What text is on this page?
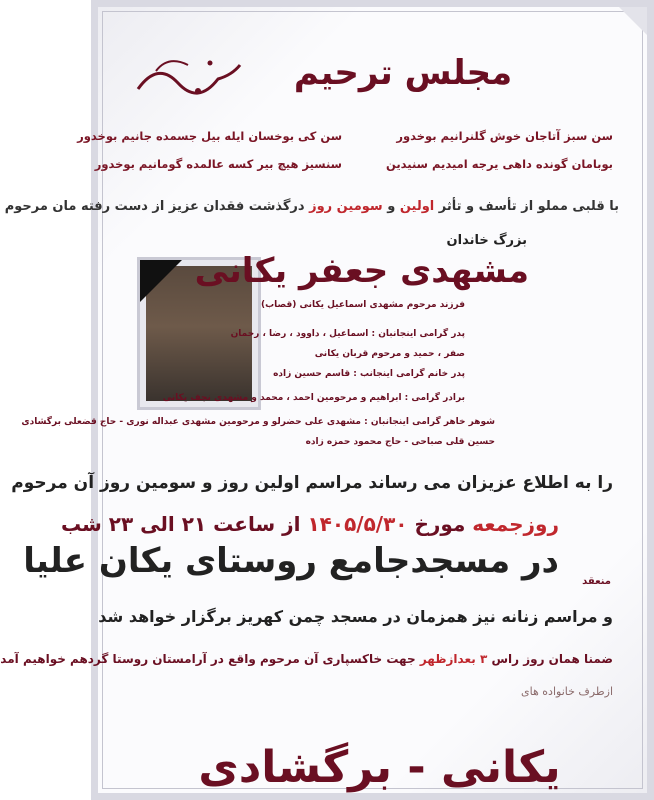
مجلس ترحیم
سن سبز آتاجان خوش گلنرانیم بوخدور
سن کی بوخسان ایله بیل جسمده جانیم بوخدور
بوبامان گونده داهی یرجه امیدیم سنیدین
سنسیز هیچ بیر کسه عالمده گومانیم بوخدور
با قلبی مملو از تأسف و تأثر اولین و سومین روز درگذشت فقدان عزیز از دست رفته مان مرحوم
بزرگ خاندان
مشهدی جعفر یکانی
فرزند مرحوم مشهدی اسماعیل یکانی (قصاب)
پدر گرامی اینجانبان : اسماعیل ، داوود ، رضا ، رحمان
صفر ، حمید و مرحوم قربان یکانی
پدر خانم گرامی اینجانب : قاسم حسین زاده
برادر گرامی : ابراهیم و مرحومین احمد ، محمد و مشهدی نجف یکانی
شوهر خاهر گرامی اینجانبان : مشهدی علی حضرلو و مرحومین مشهدی عبداله نوری - حاج قضعلی برگشادی
حسین قلی صباحی - حاج محمود حمزه زاده
را به اطلاع عزیزان می رساند مراسم اولین روز و سومین روز آن مرحوم
روزجمعه مورخ ۱۴۰۵/۵/۳۰ از ساعت ۲۱ الی ۲۳ شب
در مسجدجامع روستای یکان علیا
منعقد
و مراسم زنانه نیز همزمان در مسجد چمن کهریز برگزار خواهد شد
ضمنا همان روز راس ۳ بعدازظهر جهت خاکسپاری آن مرحوم واقع در آرامستان روستا گردهم خواهیم آمد
ازطرف خانواده های
یکانی - برگشادی
